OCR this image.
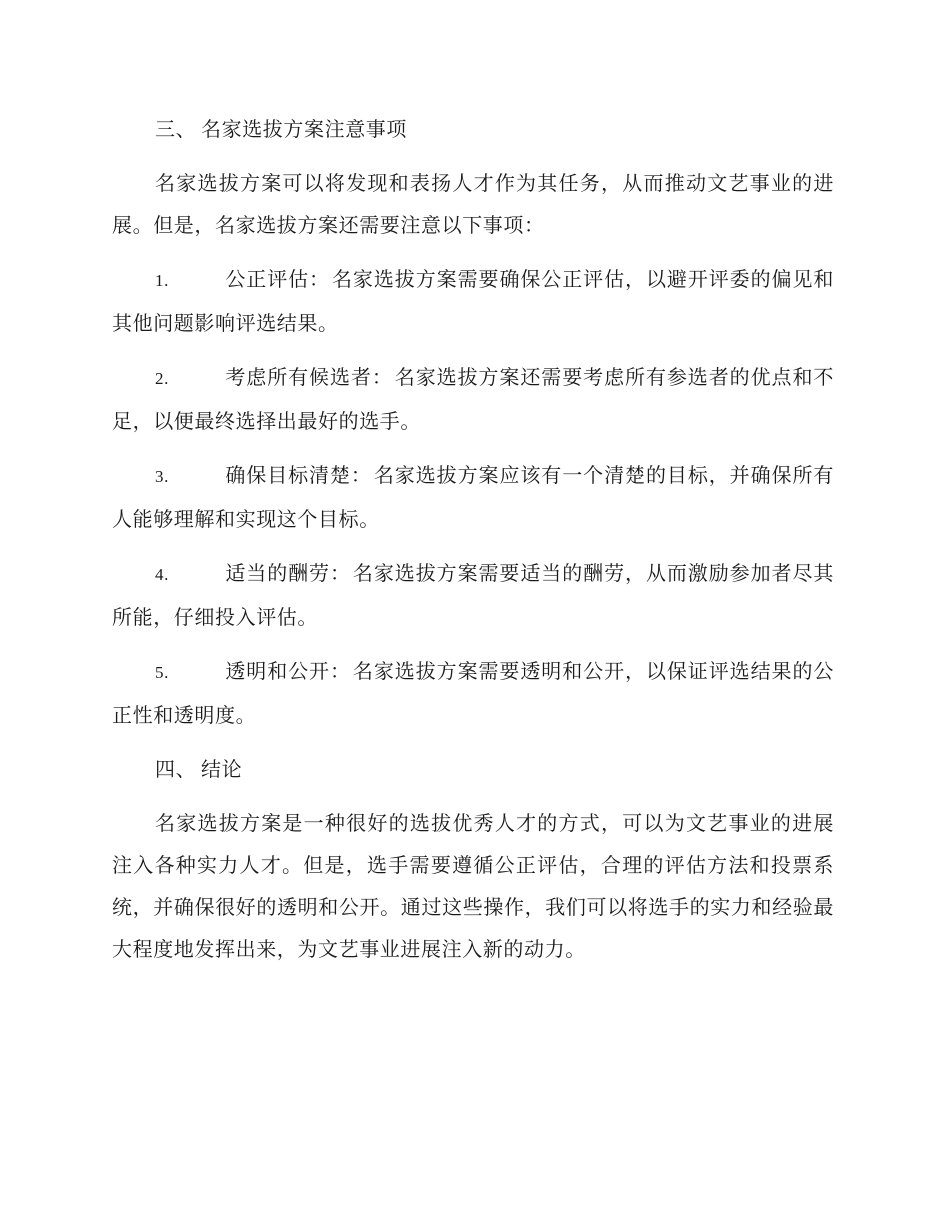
三、 名家选拔方案注意事项

名家选拔方案可以将发现和表扬人才作为其任务，从而推动文艺事业的进展。但是，名家选拔方案还需要注意以下事项：

1.	公正评估： 名家选拔方案需要确保公正评估，以避开评委的偏见和其他问题影响评选结果。

2.	考虑所有候选者： 名家选拔方案还需要考虑所有参选者的优点和不足，以便最终选择出最好的选手。

3.	确保目标清楚： 名家选拔方案应该有一个清楚的目标，并确保所有人能够理解和实现这个目标。

4.	适当的酬劳： 名家选拔方案需要适当的酬劳，从而激励参加者尽其所能，仔细投入评估。

5.	透明和公开： 名家选拔方案需要透明和公开，以保证评选结果的公正性和透明度。

四、 结论

名家选拔方案是一种很好的选拔优秀人才的方式，可以为文艺事业的进展注入各种实力人才。但是，选手需要遵循公正评估，合理的评估方法和投票系统，并确保很好的透明和公开。通过这些操作，我们可以将选手的实力和经验最大程度地发挥出来，为文艺事业进展注入新的动力。
